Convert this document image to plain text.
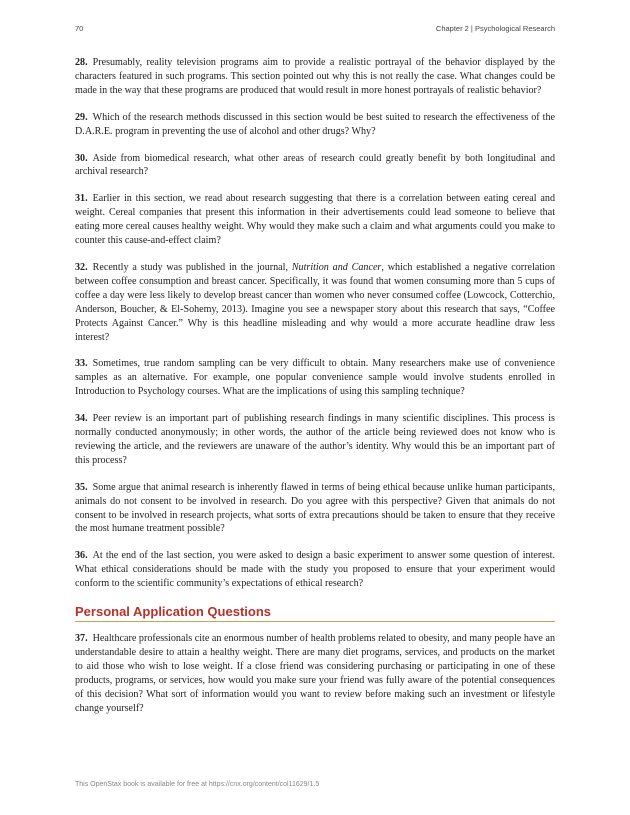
70	Chapter 2 | Psychological Research

28. Presumably, reality television programs aim to provide a realistic portrayal of the behavior displayed by the characters featured in such programs. This section pointed out why this is not really the case. What changes could be made in the way that these programs are produced that would result in more honest portrayals of realistic behavior?

29. Which of the research methods discussed in this section would be best suited to research the effectiveness of the D.A.R.E. program in preventing the use of alcohol and other drugs? Why?

30. Aside from biomedical research, what other areas of research could greatly benefit by both longitudinal and archival research?

31. Earlier in this section, we read about research suggesting that there is a correlation between eating cereal and weight. Cereal companies that present this information in their advertisements could lead someone to believe that eating more cereal causes healthy weight. Why would they make such a claim and what arguments could you make to counter this cause-and-effect claim?

32. Recently a study was published in the journal, Nutrition and Cancer, which established a negative correlation between coffee consumption and breast cancer. Specifically, it was found that women consuming more than 5 cups of coffee a day were less likely to develop breast cancer than women who never consumed coffee (Lowcock, Cotterchio, Anderson, Boucher, & El-Sohemy, 2013). Imagine you see a newspaper story about this research that says, “Coffee Protects Against Cancer.” Why is this headline misleading and why would a more accurate headline draw less interest?

33. Sometimes, true random sampling can be very difficult to obtain. Many researchers make use of convenience samples as an alternative. For example, one popular convenience sample would involve students enrolled in Introduction to Psychology courses. What are the implications of using this sampling technique?

34. Peer review is an important part of publishing research findings in many scientific disciplines. This process is normally conducted anonymously; in other words, the author of the article being reviewed does not know who is reviewing the article, and the reviewers are unaware of the author’s identity. Why would this be an important part of this process?

35. Some argue that animal research is inherently flawed in terms of being ethical because unlike human participants, animals do not consent to be involved in research. Do you agree with this perspective? Given that animals do not consent to be involved in research projects, what sorts of extra precautions should be taken to ensure that they receive the most humane treatment possible?

36. At the end of the last section, you were asked to design a basic experiment to answer some question of interest. What ethical considerations should be made with the study you proposed to ensure that your experiment would conform to the scientific community’s expectations of ethical research?

Personal Application Questions

37. Healthcare professionals cite an enormous number of health problems related to obesity, and many people have an understandable desire to attain a healthy weight. There are many diet programs, services, and products on the market to aid those who wish to lose weight. If a close friend was considering purchasing or participating in one of these products, programs, or services, how would you make sure your friend was fully aware of the potential consequences of this decision? What sort of information would you want to review before making such an investment or lifestyle change yourself?

This OpenStax book is available for free at https://cnx.org/content/col11629/1.5
